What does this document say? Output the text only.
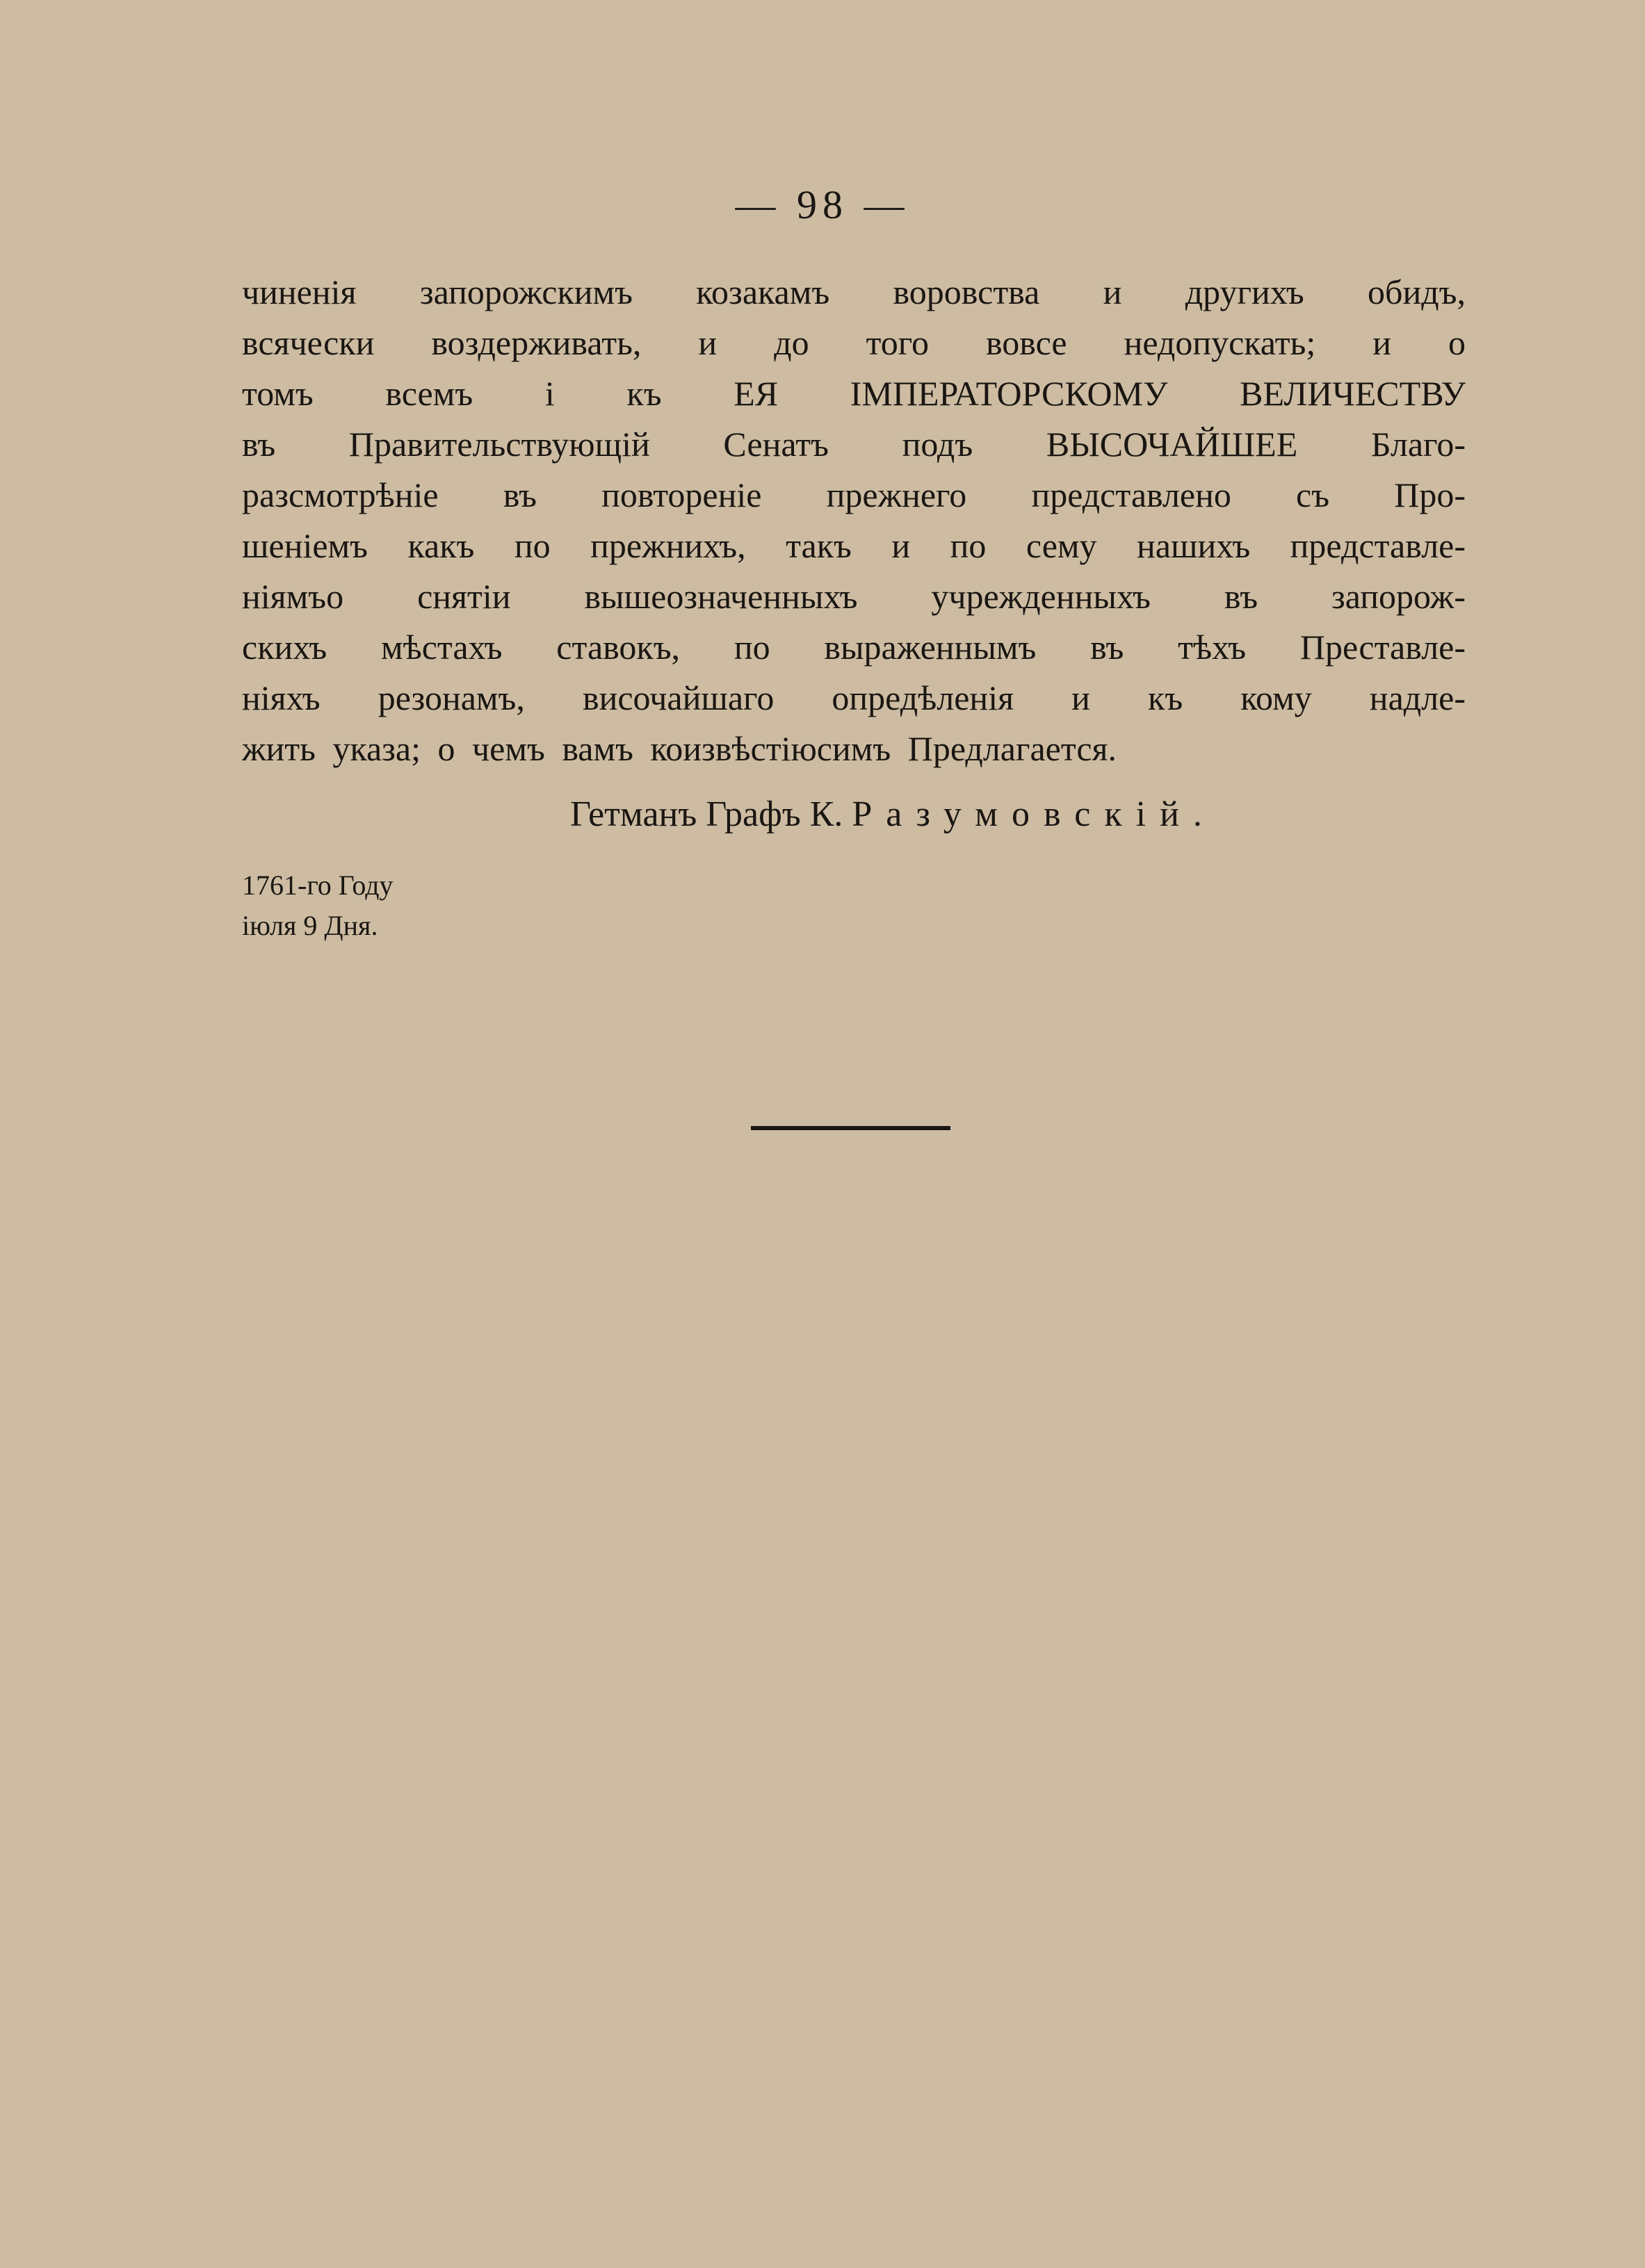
— 98 —
чиненія запорожскимъ козакамъ воровства и другихъ обидъ,
всячески воздерживать, и до того вовсе недопускать; и о
томъ всемъ і къ ЕЯ ІМПЕРАТОРСКОМУ ВЕЛИЧЕСТВУ
въ Правительствующій Сенатъ подъ ВЫСОЧАЙШЕЕ Благо-
разсмотрѣніе въ повтореніе прежнего представлено съ Про-
шеніемъ какъ по прежнихъ, такъ и по сему нашихъ представле-
ніямъо снятіи вышеозначенныхъ учрежденныхъ въ запорож-
скихъ мѣстахъ ставокъ, по выраженнымъ въ тѣхъ Преставле-
ніяхъ резонамъ, височайшаго опредѣленія и къ кому надле-
жить указа; о чемъ вамъ коизвѣстіюсимъ Предлагается.
Гетманъ Графъ К. Разумовскій.
1761-го Году
іюля 9 Дня.
